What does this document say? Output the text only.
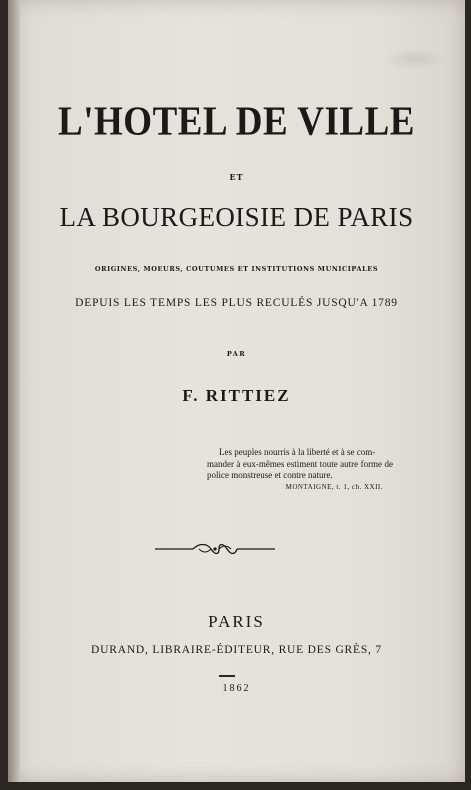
L'HOTEL DE VILLE

ET

LA BOURGEOISIE DE PARIS

ORIGINES, MOEURS, COUTUMES ET INSTITUTIONS MUNICIPALES

DEPUIS LES TEMPS LES PLUS RECULÉS JUSQU'A 1789

PAR

F. RITTIEZ

Les peuples nourris à la liberté et à se com-
mander à eux-mêmes estiment toute autre forme de police monstreuse et contre nature.

MONTAIGNE, t. 1, ch. XXII.

PARIS

DURAND, LIBRAIRE-ÉDITEUR, RUE DES GRÈS, 7

1862
